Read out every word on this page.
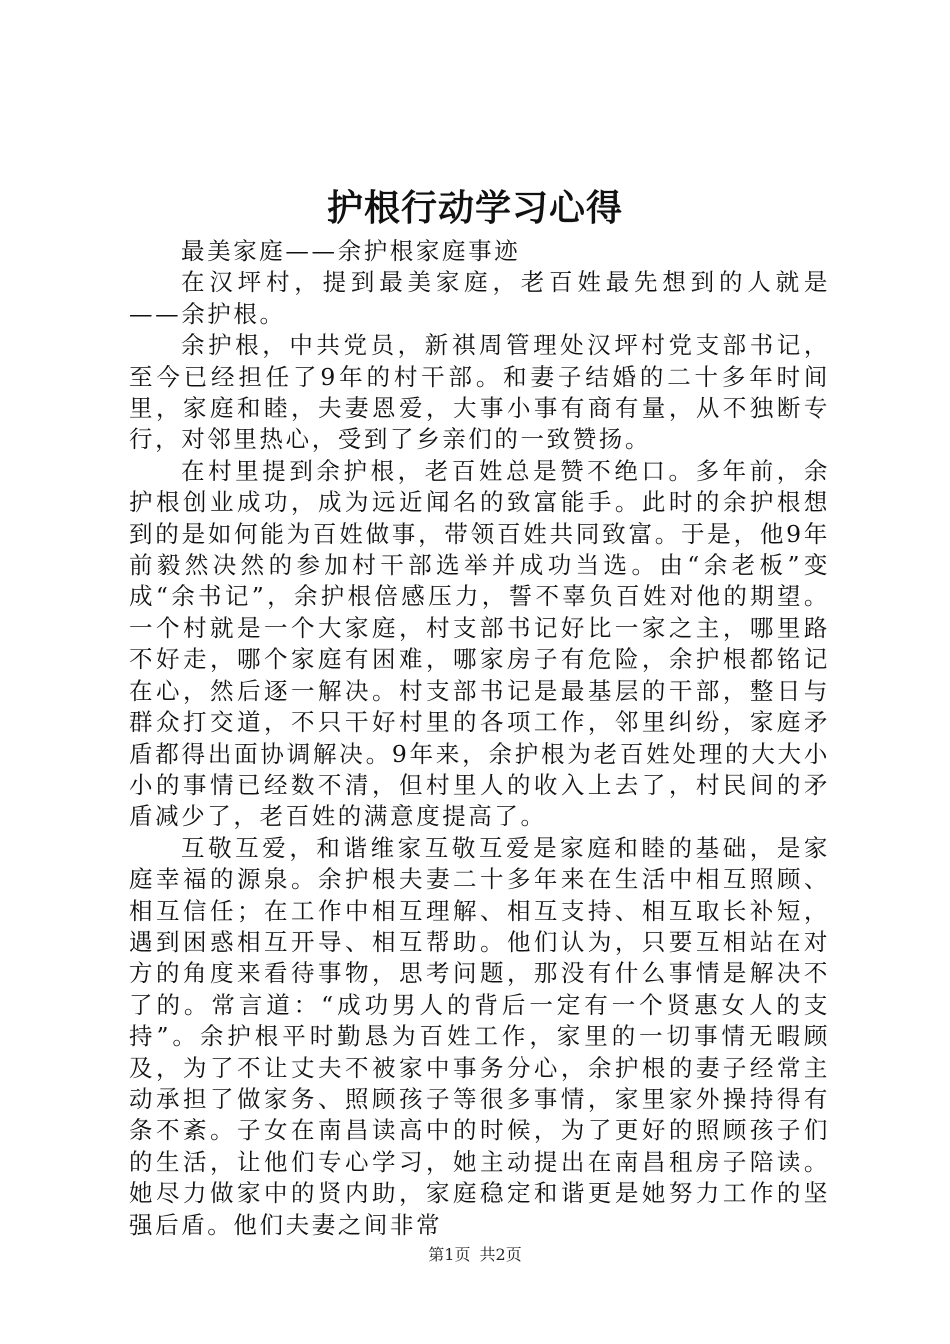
护根行动学习心得

最美家庭——余护根家庭事迹

在汉坪村，提到最美家庭，老百姓最先想到的人就是——余护根。

余护根，中共党员，新祺周管理处汉坪村党支部书记，至今已经担任了9年的村干部。和妻子结婚的二十多年时间里，家庭和睦，夫妻恩爱，大事小事有商有量，从不独断专行，对邻里热心，受到了乡亲们的一致赞扬。

在村里提到余护根，老百姓总是赞不绝口。多年前，余护根创业成功，成为远近闻名的致富能手。此时的余护根想到的是如何能为百姓做事，带领百姓共同致富。于是，他9年前毅然决然的参加村干部选举并成功当选。由“余老板”变成“余书记”，余护根倍感压力，誓不辜负百姓对他的期望。一个村就是一个大家庭，村支部书记好比一家之主，哪里路不好走，哪个家庭有困难，哪家房子有危险，余护根都铭记在心，然后逐一解决。村支部书记是最基层的干部，整日与群众打交道，不只干好村里的各项工作，邻里纠纷，家庭矛盾都得出面协调解决。9年来，余护根为老百姓处理的大大小小的事情已经数不清，但村里人的收入上去了，村民间的矛盾减少了，老百姓的满意度提高了。

互敬互爱，和谐维家互敬互爱是家庭和睦的基础，是家庭幸福的源泉。余护根夫妻二十多年来在生活中相互照顾、相互信任；在工作中相互理解、相互支持、相互取长补短，遇到困惑相互开导、相互帮助。他们认为，只要互相站在对方的角度来看待事物，思考问题，那没有什么事情是解决不了的。常言道：“成功男人的背后一定有一个贤惠女人的支持”。余护根平时勤恳为百姓工作，家里的一切事情无暇顾及，为了不让丈夫不被家中事务分心，余护根的妻子经常主动承担了做家务、照顾孩子等很多事情，家里家外操持得有条不紊。子女在南昌读高中的时候，为了更好的照顾孩子们的生活，让他们专心学习，她主动提出在南昌租房子陪读。她尽力做家中的贤内助，家庭稳定和谐更是她努力工作的坚强后盾。他们夫妻之间非常

第1页 共2页
